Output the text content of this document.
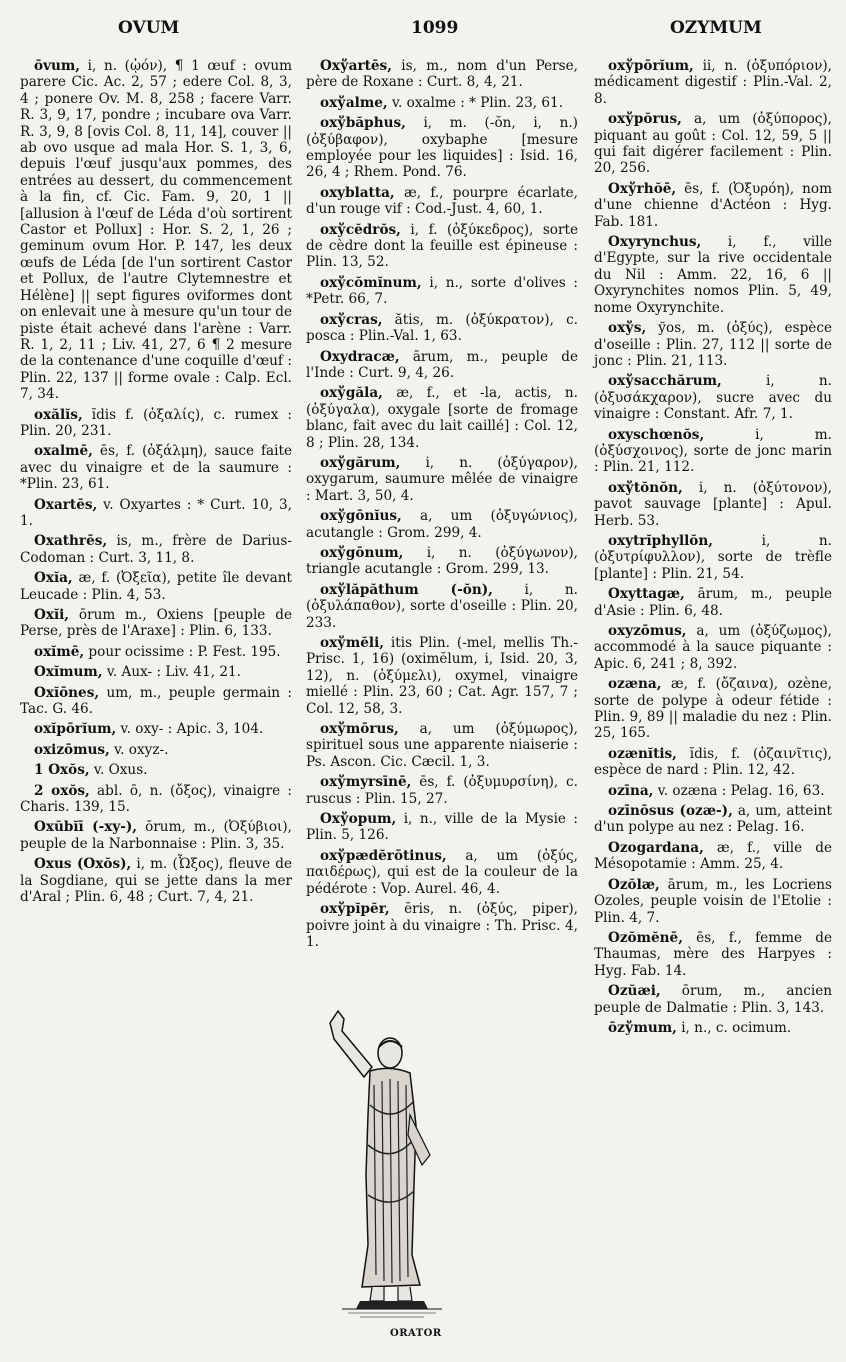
OVUM	1099	OZYMUM

ōvum, i, n. (ᾠόν), ¶ 1 œuf : ovum parere Cic. Ac. 2, 57 ; edere Col. 8, 3, 4 ; ponere Ov. M. 8, 258 ; facere Varr. R. 3, 9, 17, pondre ; incubare ova Varr. R. 3, 9, 8 [ovis Col. 8, 11, 14], couver || ab ovo usque ad mala Hor. S. 1, 3, 6, depuis l'œuf jusqu'aux pommes, des entrées au dessert, du commencement à la fin, cf. Cic. Fam. 9, 20, 1 || [allusion à l'œuf de Léda d'où sortirent Castor et Pollux] : Hor. S. 2, 1, 26 ; geminum ovum Hor. P. 147, les deux œufs de Léda [de l'un sortirent Castor et Pollux, de l'autre Clytemnestre et Hélène] || sept figures oviformes dont on enlevait une à mesure qu'un tour de piste était achevé dans l'arène : Varr. R. 1, 2, 11 ; Liv. 41, 27, 6 ¶ 2 mesure de la contenance d'une coquille d'œuf : Plin. 22, 137 || forme ovale : Calp. Ecl. 7, 34.

oxălĭs, ĭdis f. (ὀξαλίς), c. rumex : Plin. 20, 231.

oxalmē, ēs, f. (ὀξάλμη), sauce faite avec du vinaigre et de la saumure : *Plin. 23, 61.

Oxartēs, v. Oxyartes : * Curt. 10, 3, 1.

Oxathrēs, is, m., frère de Darius-Codoman : Curt. 3, 11, 8.

Oxĭa, æ, f. (Ὀξεῖα), petite île devant Leucade : Plin. 4, 53.

Oxĭi, ōrum m., Oxiens [peuple de Perse, près de l'Araxe] : Plin. 6, 133.

oxĭmē, pour ocissime : P. Fest. 195.

Oxĭmum, v. Aux- : Liv. 41, 21.

Oxĭōnes, um, m., peuple germain : Tac. G. 46.

oxĭpōrĭum, v. oxy- : Apic. 3, 104.

oxizōmus, v. oxyz-.

1 Oxŏs, v. Oxus.

2 oxŏs, abl. ō, n. (ὄξος), vinaigre : Charis. 139, 15.

Oxŭbĭī (-xy-), ōrum, m., (Ὀξύβιοι), peuple de la Narbonnaise : Plin. 3, 35.

Oxus (Oxŏs), i, m. (Ὦξος), fleuve de la Sogdiane, qui se jette dans la mer d'Aral ; Plin. 6, 48 ; Curt. 7, 4, 21.

Oxўartēs, is, m., nom d'un Perse, père de Roxane : Curt. 8, 4, 21.

oxўalme, v. oxalme : * Plin. 23, 61.

oxўbăphus, i, m. (-ŏn, i, n.) (ὀξύβαφον), oxybaphe [mesure employée pour les liquides] : Isid. 16, 26, 4 ; Rhem. Pond. 76.

oxyblatta, æ, f., pourpre écarlate, d'un rouge vif : Cod.-Just. 4, 60, 1.

oxўcĕdrŏs, i, f. (ὀξύκεδρος), sorte de cèdre dont la feuille est épineuse : Plin. 13, 52.

oxўcŏmĭnum, i, n., sorte d'olives : *Petr. 66, 7.

oxўcras, ătis, m. (ὀξύκρατον), c. posca : Plin.-Val. 1, 63.

Oxydracæ, ārum, m., peuple de l'Inde : Curt. 9, 4, 26.

oxўgăla, æ, f., et -la, actis, n. (ὀξύγαλα), oxygale [sorte de fromage blanc, fait avec du lait caillé] : Col. 12, 8 ; Plin. 28, 134.

oxўgărum, i, n. (ὀξύγαρον), oxygarum, saumure mêlée de vinaigre : Mart. 3, 50, 4.

oxўgōnĭus, a, um (ὀξυγώνιος), acutangle : Grom. 299, 4.

oxўgōnum, i, n. (ὀξύγωνον), triangle acutangle : Grom. 299, 13.

oxўlăpăthum (-ŏn), i, n. (ὀξυλάπαθον), sorte d'oseille : Plin. 20, 233.

oxўmĕli, itis Plin. (-mel, mellis Th.-Prisc. 1, 16) (oximĕlum, i, Isid. 20, 3, 12), n. (ὀξύμελι), oxymel, vinaigre miellé : Plin. 23, 60 ; Cat. Agr. 157, 7 ; Col. 12, 58, 3.

oxўmōrus, a, um (ὀξύμωρος), spirituel sous une apparente niaiserie : Ps. Ascon. Cic. Cæcil. 1, 3.

oxўmyrsīnē, ēs, f. (ὀξυμυρσίνη), c. ruscus : Plin. 15, 27.

Oxўopum, i, n., ville de la Mysie : Plin. 5, 126.

oxўpædĕrōtinus, a, um (ὀξύς, παιδέρως), qui est de la couleur de la pédérote : Vop. Aurel. 46, 4.

oxўpĭpĕr, ĕris, n. (ὀξύς, piper), poivre joint à du vinaigre : Th. Prisc. 4, 1.

oxўpōrĭum, ii, n. (ὀξυπόριον), médicament digestif : Plin.-Val. 2, 8.

oxўpŏrus, a, um (ὀξύπορος), piquant au goût : Col. 12, 59, 5 || qui fait digérer facilement : Plin. 20, 256.

Oxўrhŏē, ēs, f. (Ὀξυρόη), nom d'une chienne d'Actéon : Hyg. Fab. 181.

Oxyrynchus, i, f., ville d'Egypte, sur la rive occidentale du Nil : Amm. 22, 16, 6 || Oxyrynchites nomos Plin. 5, 49, nome Oxyrynchite.

oxўs, ўos, m. (ὀξύς), espèce d'oseille : Plin. 27, 112 || sorte de jonc : Plin. 21, 113.

oxўsacchărum, i, n. (ὀξυσάκχαρον), sucre avec du vinaigre : Constant. Afr. 7, 1.

oxyschœnŏs, i, m. (ὀξύσχοινος), sorte de jonc marin : Plin. 21, 112.

oxўtŏnŏn, i, n. (ὀξύτονον), pavot sauvage [plante] : Apul. Herb. 53.

oxytrĭphyllŏn, i, n. (ὀξυτρίφυλλον), sorte de trèfle [plante] : Plin. 21, 54.

Oxyttagæ, ārum, m., peuple d'Asie : Plin. 6, 48.

oxyzōmus, a, um (ὀξύζωμος), accommodé à la sauce piquante : Apic. 6, 241 ; 8, 392.

ozæna, æ, f. (ὄζαινα), ozène, sorte de polype à odeur fétide : Plin. 9, 89 || maladie du nez : Plin. 25, 165.

ozænĭtis, ĭdis, f. (ὀζαινῖτις), espèce de nard : Plin. 12, 42.

ozīna, v. ozæna : Pelag. 16, 63.

ozīnōsus (ozæ-), a, um, atteint d'un polype au nez : Pelag. 16.

Ozogardana, æ, f., ville de Mésopotamie : Amm. 25, 4.

Ozŏlæ, ārum, m., les Locriens Ozoles, peuple voisin de l'Etolie : Plin. 4, 7.

Ozŏmĕnē, ēs, f., femme de Thaumas, mère des Harpyes : Hyg. Fab. 14.

Ozŭæi, ōrum, m., ancien peuple de Dalmatie : Plin. 3, 143.

ōzўmum, i, n., c. ocimum.

ORATOR
